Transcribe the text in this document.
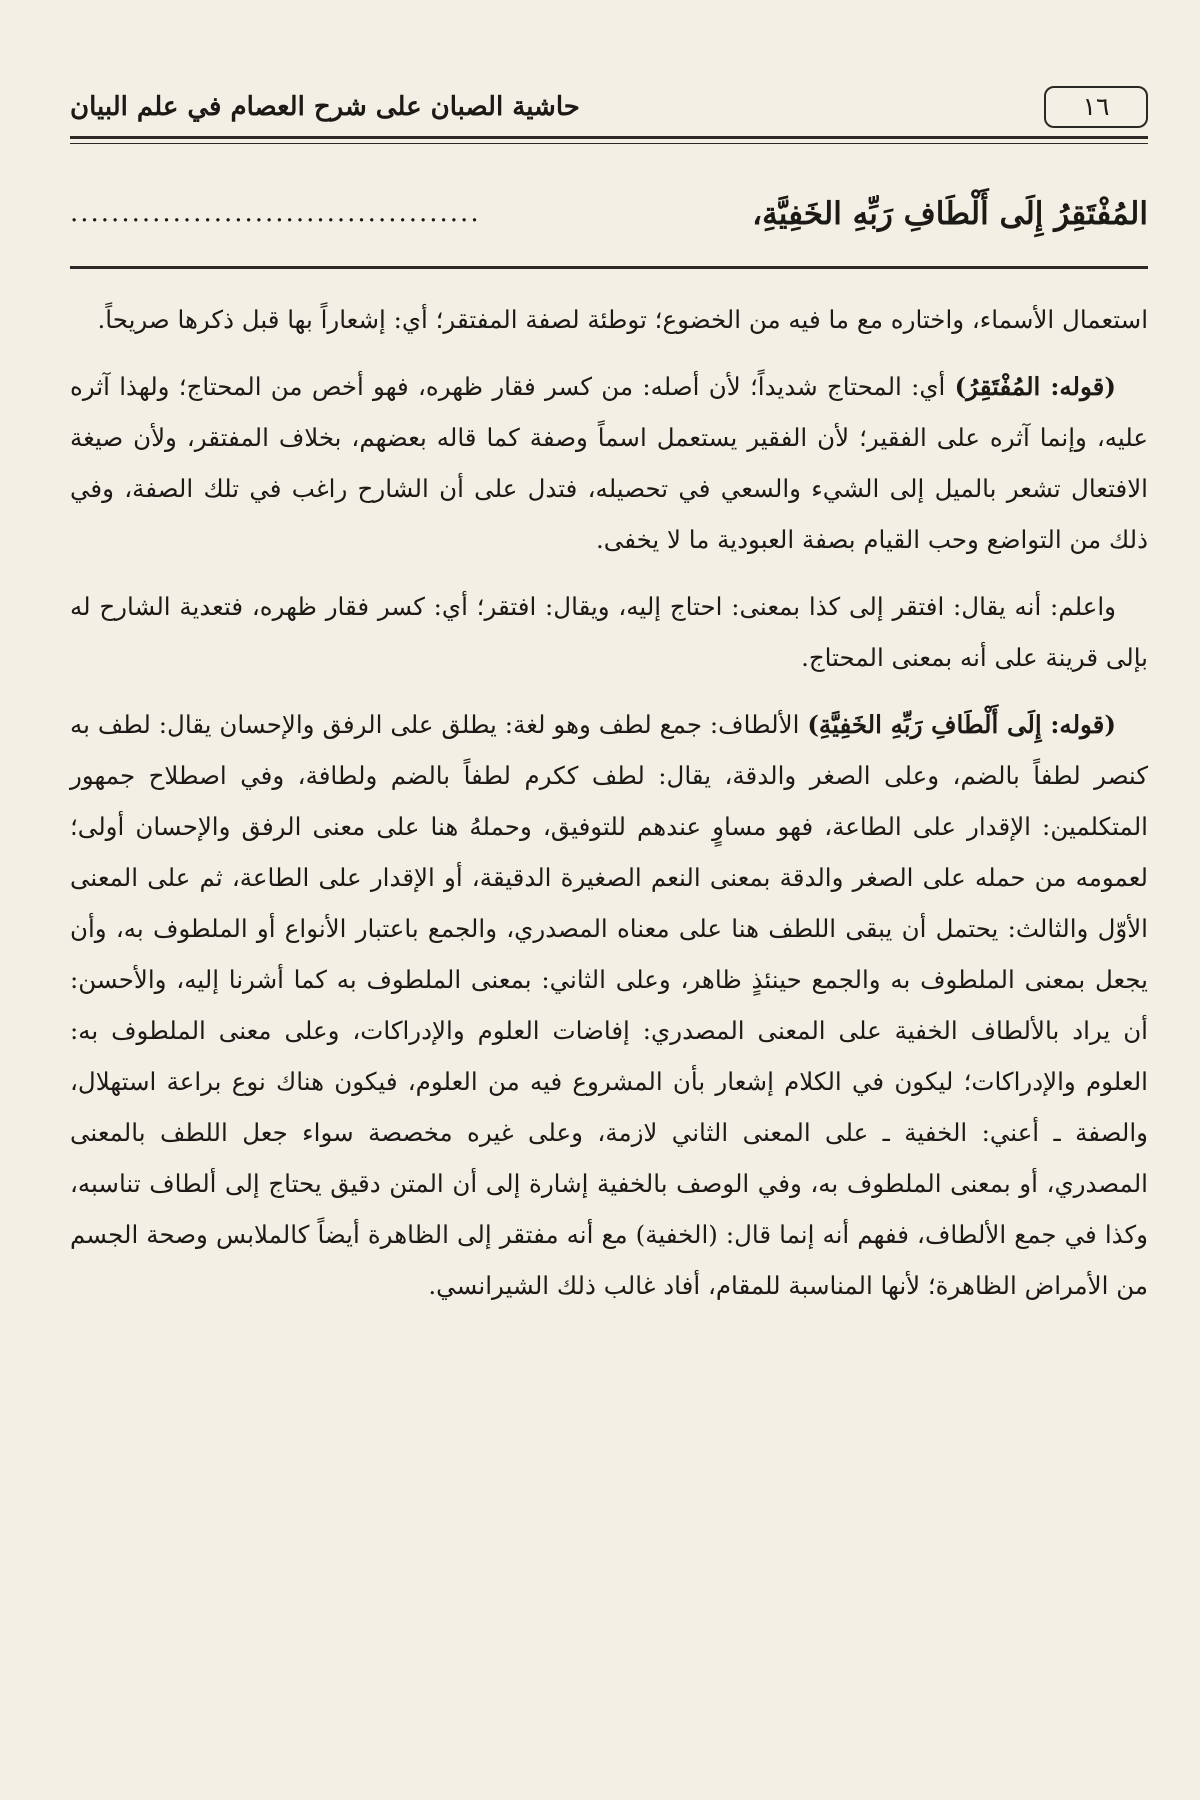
١٦
حاشية الصبان على شرح العصام في علم البيان
المُفْتَقِرُ إِلَى أَلْطَافِ رَبِّهِ الخَفِيَّةِ،
........................................

استعمال الأسماء، واختاره مع ما فيه من الخضوع؛ توطئة لصفة المفتقر؛ أي: إشعاراً بها قبل ذكرها صريحاً.

(قوله: المُفْتَقِرُ) أي: المحتاج شديداً؛ لأن أصله: من كسر فقار ظهره، فهو أخص من المحتاج؛ ولهذا آثره عليه، وإنما آثره على الفقير؛ لأن الفقير يستعمل اسماً وصفة كما قاله بعضهم، بخلاف المفتقر، ولأن صيغة الافتعال تشعر بالميل إلى الشيء والسعي في تحصيله، فتدل على أن الشارح راغب في تلك الصفة، وفي ذلك من التواضع وحب القيام بصفة العبودية ما لا يخفى.

واعلم: أنه يقال: افتقر إلى كذا بمعنى: احتاج إليه، ويقال: افتقر؛ أي: كسر فقار ظهره، فتعدية الشارح له بإلى قرينة على أنه بمعنى المحتاج.

(قوله: إِلَى أَلْطَافِ رَبِّهِ الخَفِيَّةِ) الألطاف: جمع لطف وهو لغة: يطلق على الرفق والإحسان يقال: لطف به كنصر لطفاً بالضم، وعلى الصغر والدقة، يقال: لطف ككرم لطفاً بالضم ولطافة، وفي اصطلاح جمهور المتكلمين: الإقدار على الطاعة، فهو مساوٍ عندهم للتوفيق، وحملهُ هنا على معنى الرفق والإحسان أولى؛ لعمومه من حمله على الصغر والدقة بمعنى النعم الصغيرة الدقيقة، أو الإقدار على الطاعة، ثم على المعنى الأوّل والثالث: يحتمل أن يبقى اللطف هنا على معناه المصدري، والجمع باعتبار الأنواع أو الملطوف به، وأن يجعل بمعنى الملطوف به والجمع حينئذٍ ظاهر، وعلى الثاني: بمعنى الملطوف به كما أشرنا إليه، والأحسن: أن يراد بالألطاف الخفية على المعنى المصدري: إفاضات العلوم والإدراكات، وعلى معنى الملطوف به: العلوم والإدراكات؛ ليكون في الكلام إشعار بأن المشروع فيه من العلوم، فيكون هناك نوع براعة استهلال، والصفة ـ أعني: الخفية ـ على المعنى الثاني لازمة، وعلى غيره مخصصة سواء جعل اللطف بالمعنى المصدري، أو بمعنى الملطوف به، وفي الوصف بالخفية إشارة إلى أن المتن دقيق يحتاج إلى ألطاف تناسبه، وكذا في جمع الألطاف، ففهم أنه إنما قال: (الخفية) مع أنه مفتقر إلى الظاهرة أيضاً كالملابس وصحة الجسم من الأمراض الظاهرة؛ لأنها المناسبة للمقام، أفاد غالب ذلك الشيرانسي.
